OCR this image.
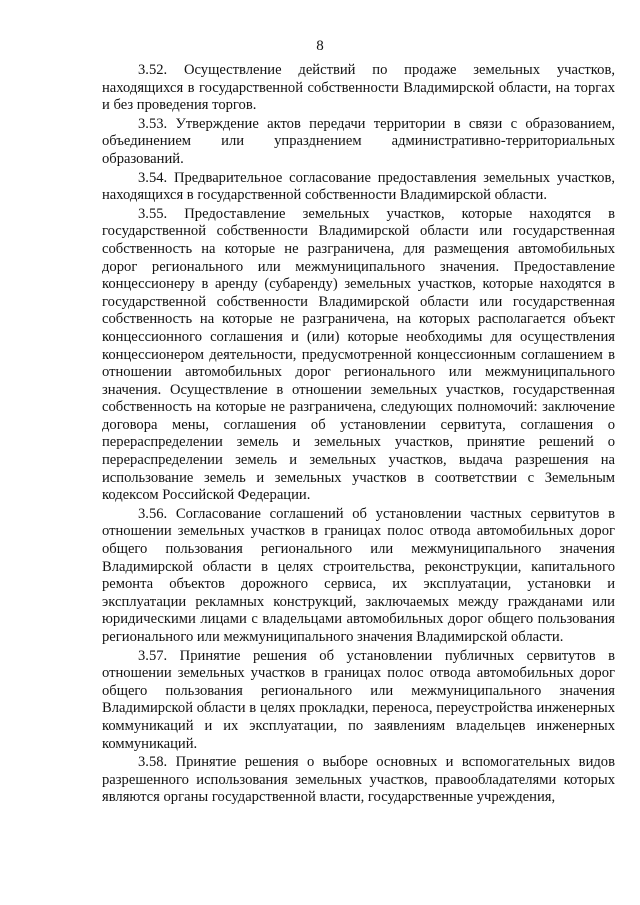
8

3.52. Осуществление действий по продаже земельных участков, находящихся в государственной собственности Владимирской области, на торгах и без проведения торгов.

3.53. Утверждение актов передачи территории в связи с образованием, объединением или упразднением административно-территориальных образований.

3.54. Предварительное согласование предоставления земельных участков, находящихся в государственной собственности Владимирской области.

3.55. Предоставление земельных участков, которые находятся в государственной собственности Владимирской области или государственная собственность на которые не разграничена, для размещения автомобильных дорог регионального или межмуниципального значения. Предоставление концессионеру в аренду (субаренду) земельных участков, которые находятся в государственной собственности Владимирской области или государственная собственность на которые не разграничена, на которых располагается объект концессионного соглашения и (или) которые необходимы для осуществления концессионером деятельности, предусмотренной концессионным соглашением в отношении автомобильных дорог регионального или межмуниципального значения. Осуществление в отношении земельных участков, государственная собственность на которые не разграничена, следующих полномочий: заключение договора мены, соглашения об установлении сервитута, соглашения о перераспределении земель и земельных участков, принятие решений о перераспределении земель и земельных участков, выдача разрешения на использование земель и земельных участков в соответствии с Земельным кодексом Российской Федерации.

3.56. Согласование соглашений об установлении частных сервитутов в отношении земельных участков в границах полос отвода автомобильных дорог общего пользования регионального или межмуниципального значения Владимирской области в целях строительства, реконструкции, капитального ремонта объектов дорожного сервиса, их эксплуатации, установки и эксплуатации рекламных конструкций, заключаемых между гражданами или юридическими лицами с владельцами автомобильных дорог общего пользования регионального или межмуниципального значения Владимирской области.

3.57. Принятие решения об установлении публичных сервитутов в отношении земельных участков в границах полос отвода автомобильных дорог общего пользования регионального или межмуниципального значения Владимирской области в целях прокладки, переноса, переустройства инженерных коммуникаций и их эксплуатации, по заявлениям владельцев инженерных коммуникаций.

3.58. Принятие решения о выборе основных и вспомогательных видов разрешенного использования земельных участков, правообладателями которых являются органы государственной власти, государственные учреждения,
